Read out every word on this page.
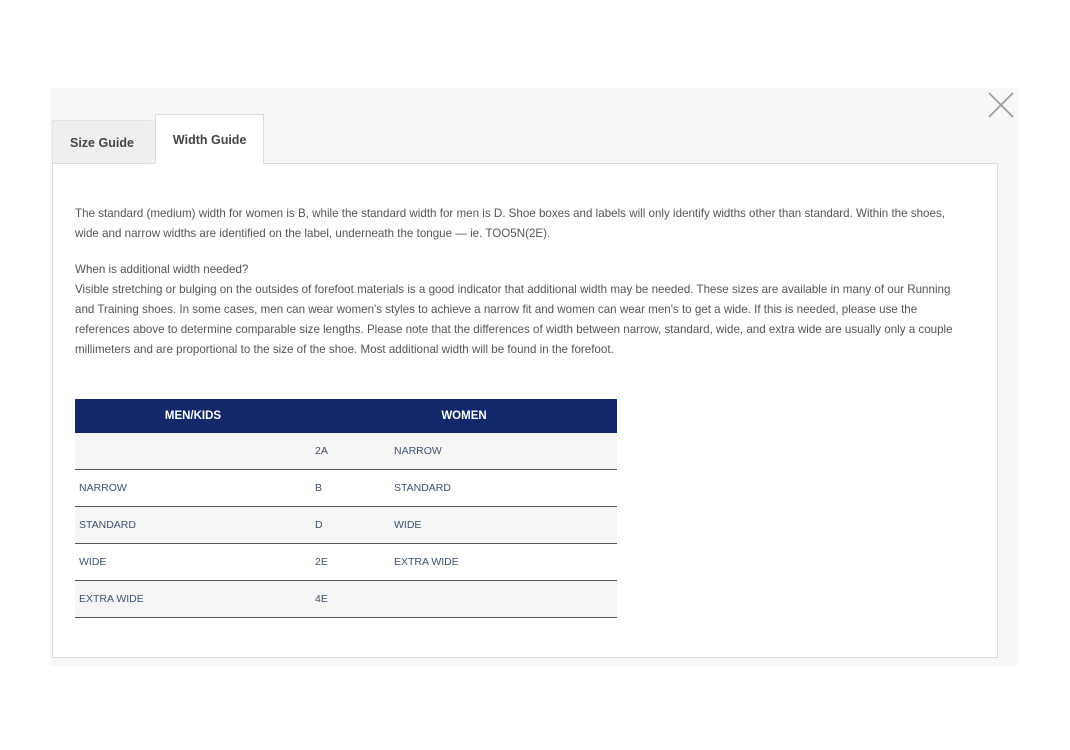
Size Guide	Width Guide

The standard (medium) width for women is B, while the standard width for men is D. Shoe boxes and labels will only identify widths other than standard. Within the shoes, wide and narrow widths are identified on the label, underneath the tongue — ie. TOO5N(2E).

When is additional width needed?
Visible stretching or bulging on the outsides of forefoot materials is a good indicator that additional width may be needed. These sizes are available in many of our Running and Training shoes. In some cases, men can wear women's styles to achieve a narrow fit and women can wear men's to get a wide. If this is needed, please use the references above to determine comparable size lengths. Please note that the differences of width between narrow, standard, wide, and extra wide are usually only a couple millimeters and are proportional to the size of the shoe. Most additional width will be found in the forefoot.

MEN/KIDS	WOMEN	
	2A	NARROW
NARROW	B	STANDARD
STANDARD	D	WIDE
WIDE	2E	EXTRA WIDE
EXTRA WIDE	4E	
